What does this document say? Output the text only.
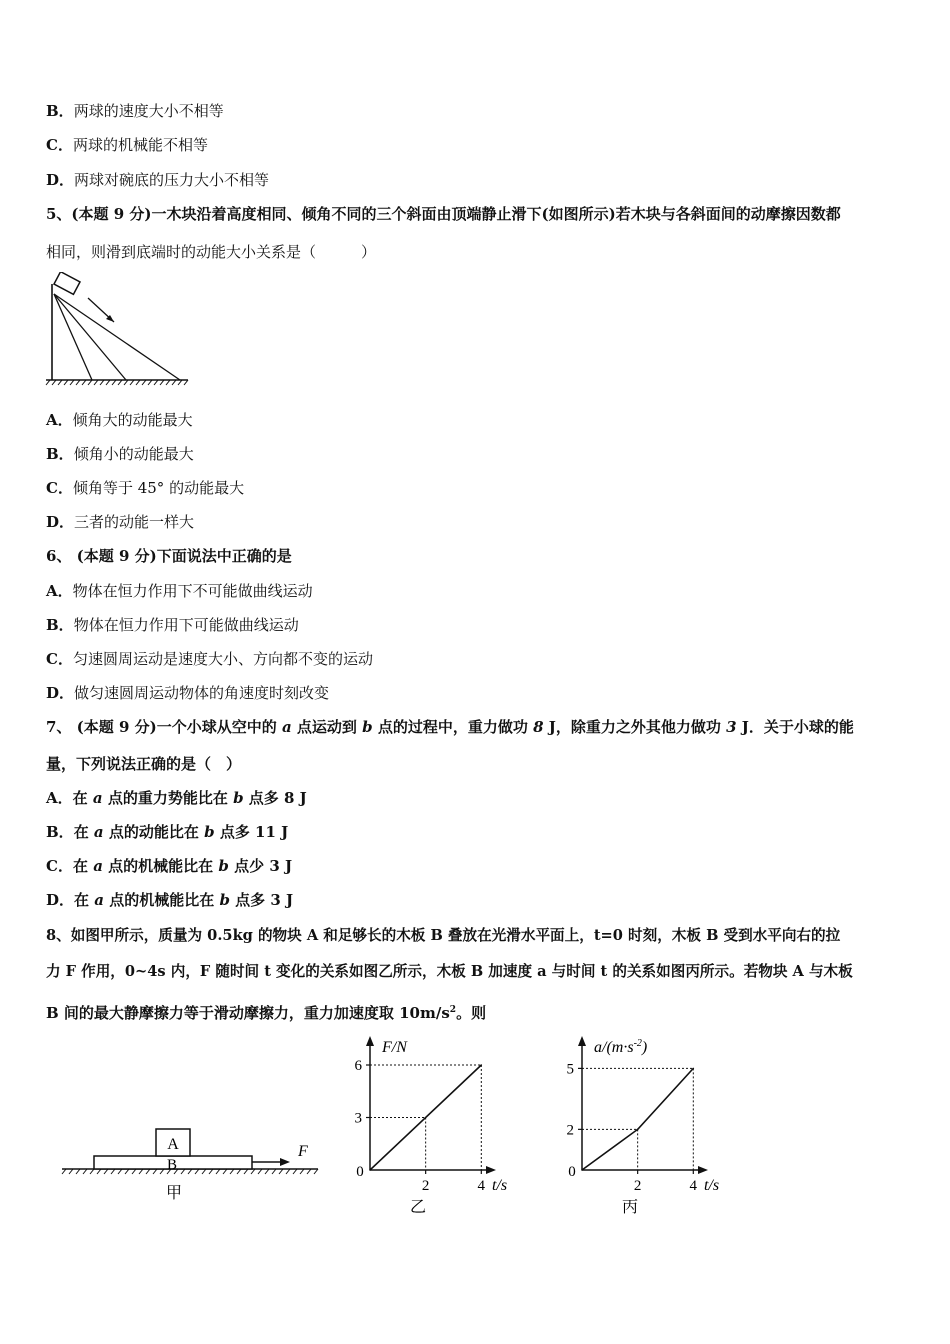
B．两球的速度大小不相等
C．两球的机械能不相等
D．两球对碗底的压力大小不相等
5、(本题 9 分)一木块沿着高度相同、倾角不同的三个斜面由顶端静止滑下(如图所示)若木块与各斜面间的动摩擦因数都
相同，则滑到底端时的动能大小关系是（　　　）
A．倾角大的动能最大
B．倾角小的动能最大
C．倾角等于 45° 的动能最大
D．三者的动能一样大
6、 (本题 9 分)下面说法中正确的是
A．物体在恒力作用下不可能做曲线运动
B．物体在恒力作用下可能做曲线运动
C．匀速圆周运动是速度大小、方向都不变的运动
D．做匀速圆周运动物体的角速度时刻改变
7、 (本题 9 分)一个小球从空中的 a 点运动到 b 点的过程中，重力做功 8 J，除重力之外其他力做功 3 J．关于小球的能
量，下列说法正确的是（　）
A．在 a 点的重力势能比在 b 点多 8 J
B．在 a 点的动能比在 b 点多 11 J
C．在 a 点的机械能比在 b 点少 3 J
D．在 a 点的机械能比在 b 点多 3 J
8、如图甲所示，质量为 0.5kg 的物块 A 和足够长的木板 B 叠放在光滑水平面上，t=0 时刻，木板 B 受到水平向右的拉
力 F 作用，0~4s 内，F 随时间 t 变化的关系如图乙所示，木板 B 加速度 a 与时间 t 的关系如图丙所示。若物块 A 与木板
B 间的最大静摩擦力等于滑动摩擦力，重力加速度取 $10m/s^2$。则
A
B
F
甲
F/N
t/s
0
乙
3
6
2	4
$a/(m\cdot s^{-2})$
t/s
0
丙
2
5
2	4
